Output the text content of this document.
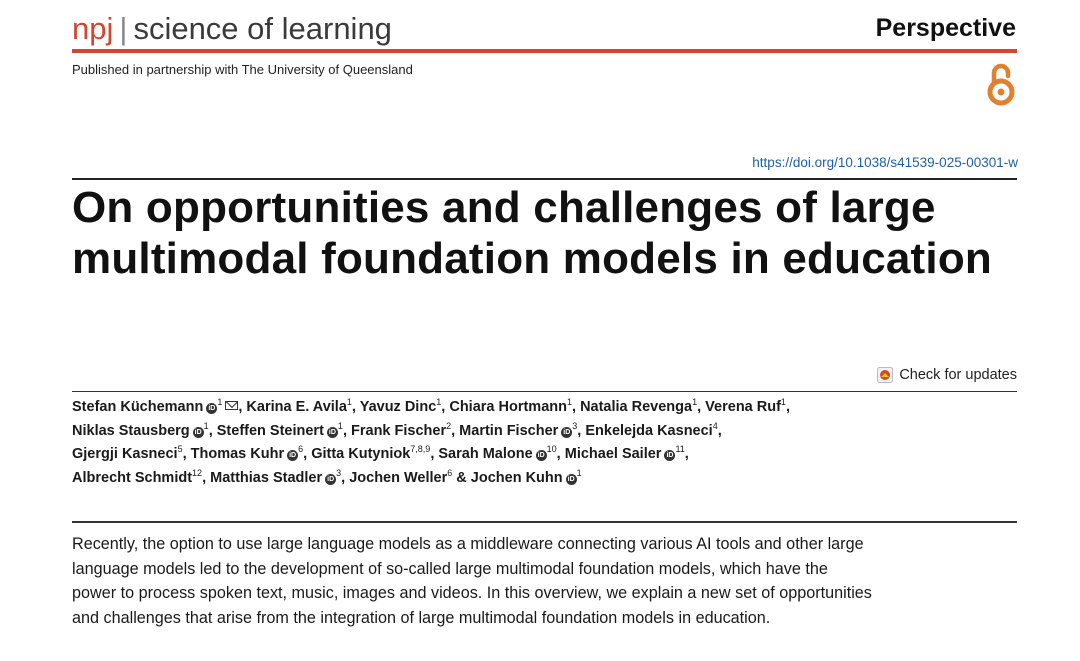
npj | science of learning	Perspective
Published in partnership with The University of Queensland
https://doi.org/10.1038/s41539-025-00301-w
On opportunities and challenges of large multimodal foundation models in education
Check for updates
Stefan Küchemann $iD^1$ , Karina E. Avila$^1$, Yavuz Dinc$^1$, Chiara Hortmann$^1$, Natalia Revenga$^1$, Verena Ruf$^1$,
Niklas Stausberg $iD^1$, Steffen Steinert $iD^1$, Frank Fischer$^2$, Martin Fischer $iD^3$, Enkelejda Kasneci$^4$,
Gjergji Kasneci$^5$, Thomas Kuhr $iD^6$, Gitta Kutyniok$^{7,8,9}$, Sarah Malone $iD^{10}$, Michael Sailer $iD^{11}$,
Albrecht Schmidt$^{12}$, Matthias Stadler $iD^3$, Jochen Weller$^6$ & Jochen Kuhn $iD^1$

Recently, the option to use large language models as a middleware connecting various AI tools and other large language models led to the development of so-called large multimodal foundation models, which have the power to process spoken text, music, images and videos. In this overview, we explain a new set of opportunities and challenges that arise from the integration of large multimodal foundation models in education.
